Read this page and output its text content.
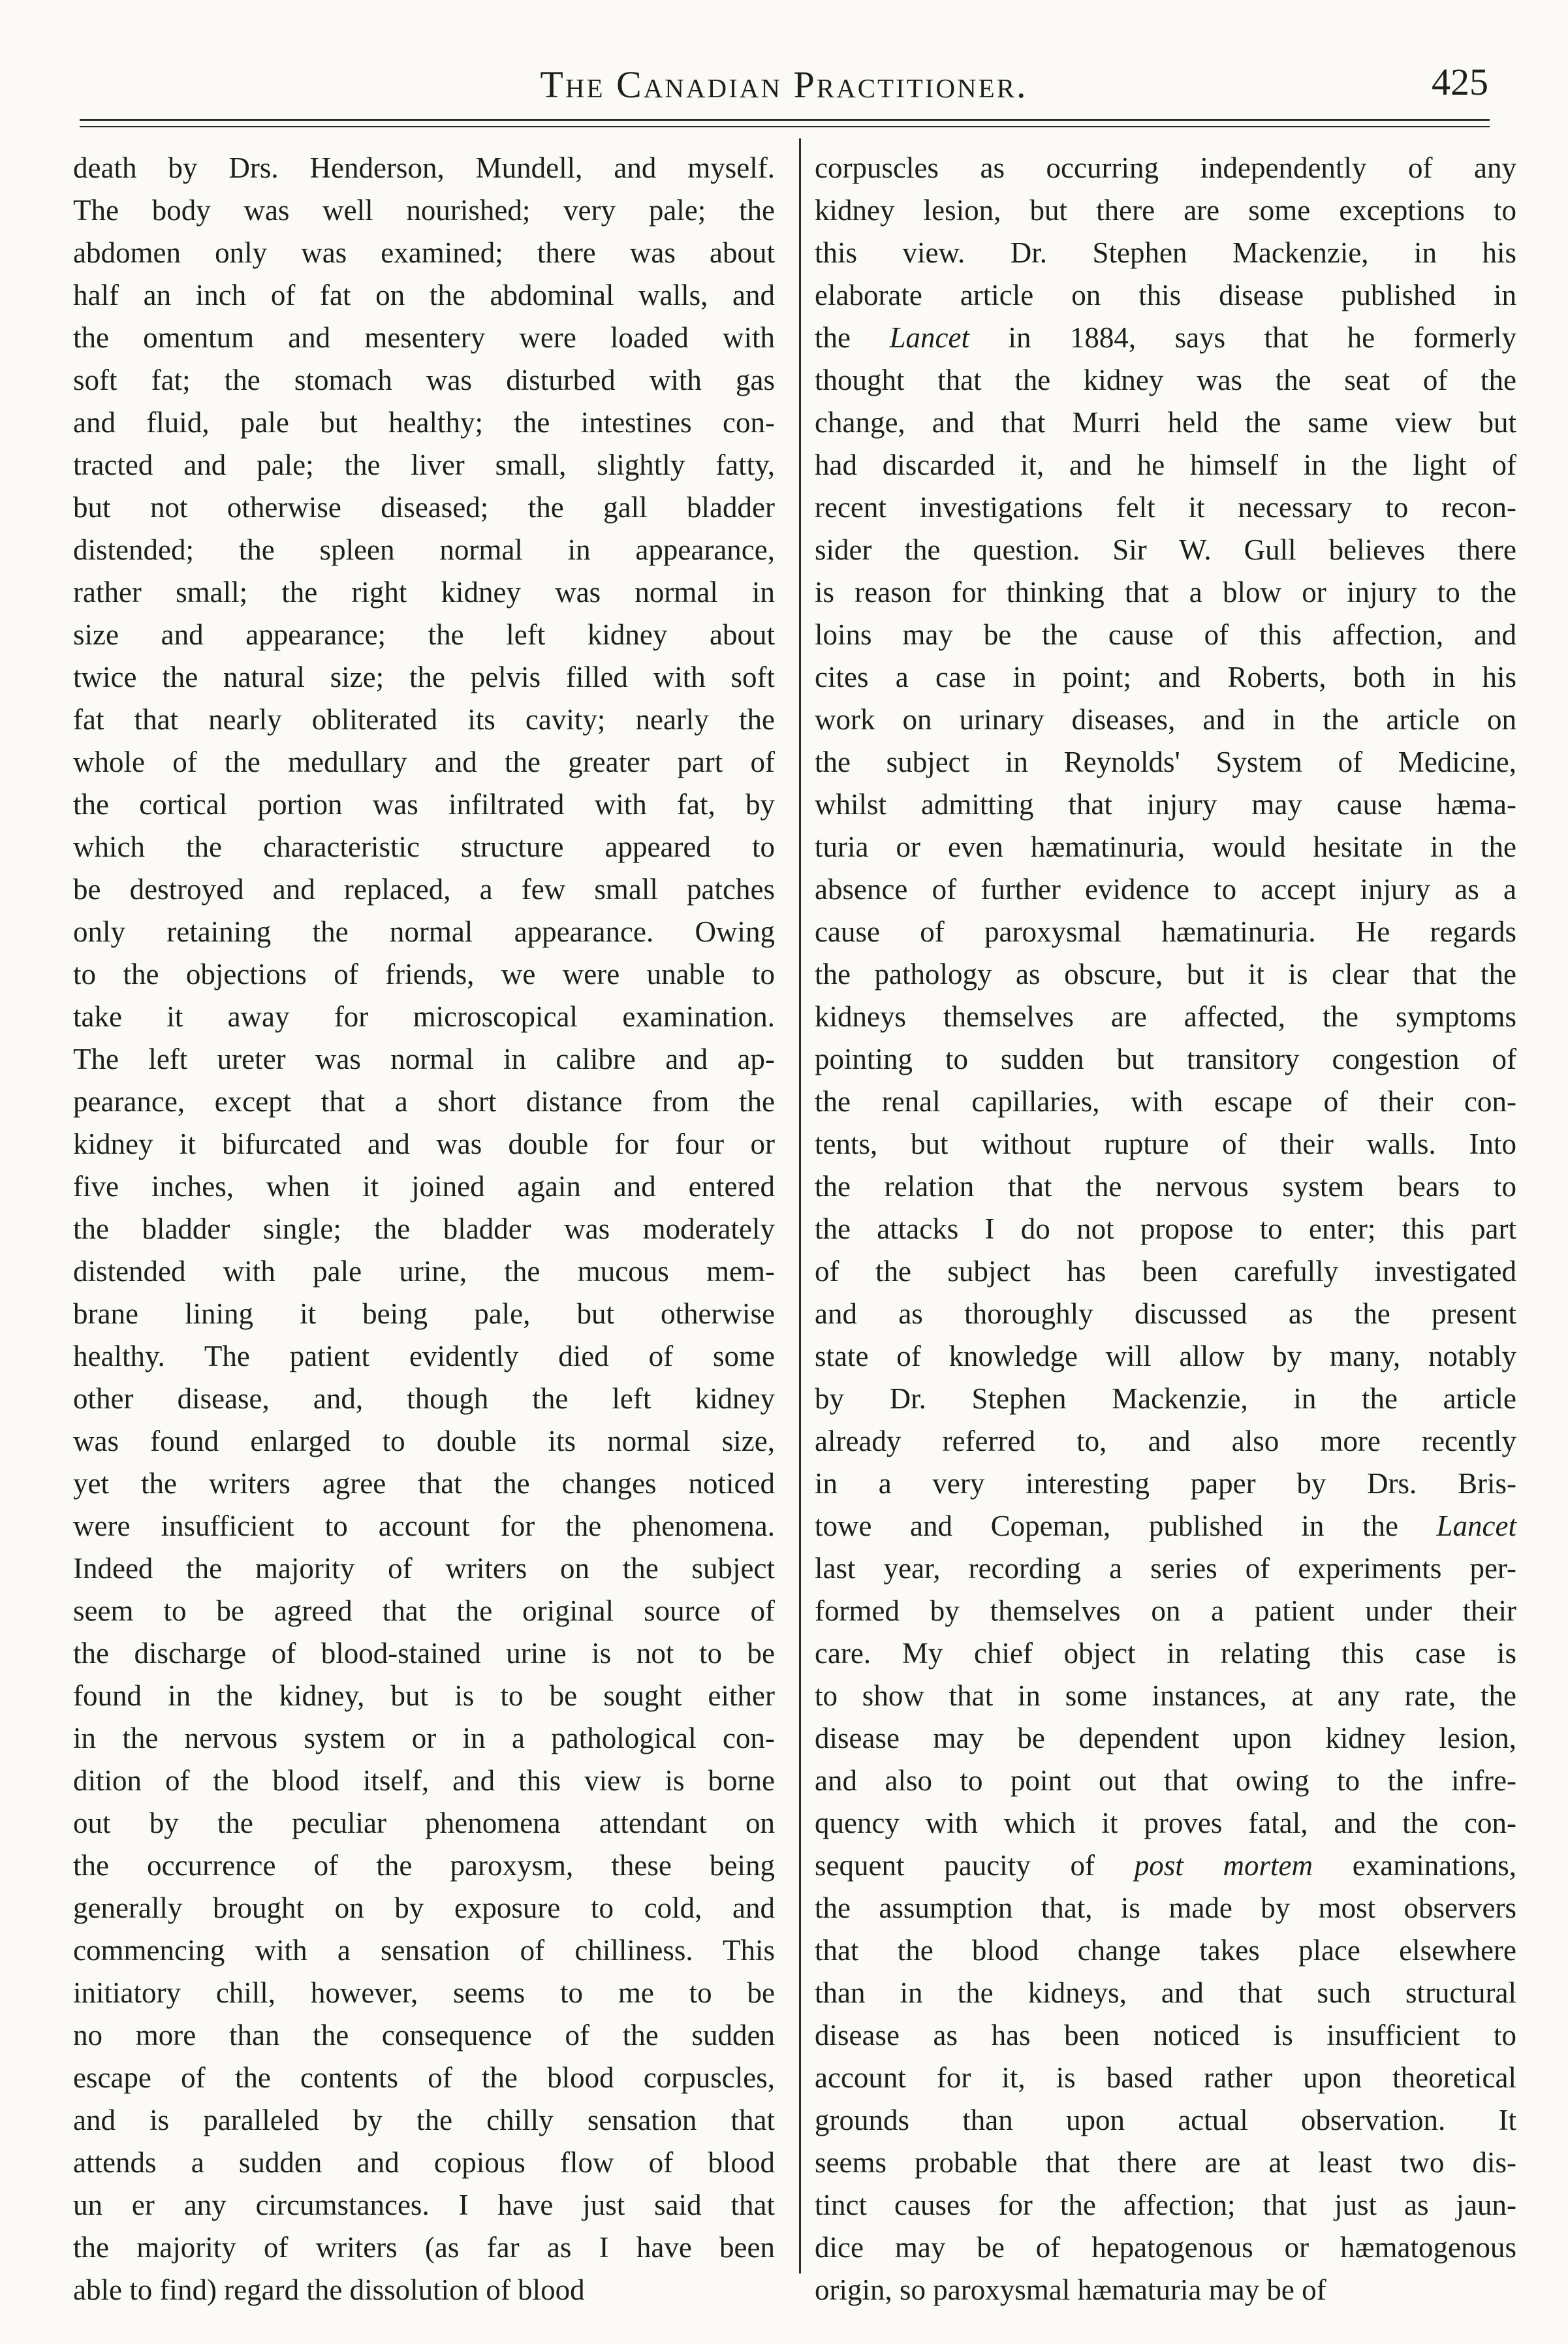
The Canadian Practitioner.	425
death by Drs. Henderson, Mundell, and myself.
The body was well nourished; very pale; the
abdomen only was examined; there was about
half an inch of fat on the abdominal walls, and
the omentum and mesentery were loaded with
soft fat; the stomach was disturbed with gas
and fluid, pale but healthy; the intestines con-
tracted and pale; the liver small, slightly fatty,
but not otherwise diseased; the gall bladder
distended; the spleen normal in appearance,
rather small; the right kidney was normal in
size and appearance; the left kidney about
twice the natural size; the pelvis filled with soft
fat that nearly obliterated its cavity; nearly the
whole of the medullary and the greater part of
the cortical portion was infiltrated with fat, by
which the characteristic structure appeared to
be destroyed and replaced, a few small patches
only retaining the normal appearance. Owing
to the objections of friends, we were unable to
take it away for microscopical examination.
The left ureter was normal in calibre and ap-
pearance, except that a short distance from the
kidney it bifurcated and was double for four or
five inches, when it joined again and entered
the bladder single; the bladder was moderately
distended with pale urine, the mucous mem-
brane lining it being pale, but otherwise
healthy. The patient evidently died of some
other disease, and, though the left kidney
was found enlarged to double its normal size,
yet the writers agree that the changes noticed
were insufficient to account for the phenomena.
Indeed the majority of writers on the subject
seem to be agreed that the original source of
the discharge of blood-stained urine is not to be
found in the kidney, but is to be sought either
in the nervous system or in a pathological con-
dition of the blood itself, and this view is borne
out by the peculiar phenomena attendant on
the occurrence of the paroxysm, these being
generally brought on by exposure to cold, and
commencing with a sensation of chilliness. This
initiatory chill, however, seems to me to be
no more than the consequence of the sudden
escape of the contents of the blood corpuscles,
and is paralleled by the chilly sensation that
attends a sudden and copious flow of blood
un er any circumstances. I have just said that
the majority of writers (as far as I have been
able to find) regard the dissolution of blood
corpuscles as occurring independently of any
kidney lesion, but there are some exceptions to
this view. Dr. Stephen Mackenzie, in his
elaborate article on this disease published in
the Lancet in 1884, says that he formerly
thought that the kidney was the seat of the
change, and that Murri held the same view but
had discarded it, and he himself in the light of
recent investigations felt it necessary to recon-
sider the question. Sir W. Gull believes there
is reason for thinking that a blow or injury to the
loins may be the cause of this affection, and
cites a case in point; and Roberts, both in his
work on urinary diseases, and in the article on
the subject in Reynolds' System of Medicine,
whilst admitting that injury may cause hæma-
turia or even hæmatinuria, would hesitate in the
absence of further evidence to accept injury as a
cause of paroxysmal hæmatinuria. He regards
the pathology as obscure, but it is clear that the
kidneys themselves are affected, the symptoms
pointing to sudden but transitory congestion of
the renal capillaries, with escape of their con-
tents, but without rupture of their walls. Into
the relation that the nervous system bears to
the attacks I do not propose to enter; this part
of the subject has been carefully investigated
and as thoroughly discussed as the present
state of knowledge will allow by many, notably
by Dr. Stephen Mackenzie, in the article
already referred to, and also more recently
in a very interesting paper by Drs. Bris-
towe and Copeman, published in the Lancet
last year, recording a series of experiments per-
formed by themselves on a patient under their
care. My chief object in relating this case is
to show that in some instances, at any rate, the
disease may be dependent upon kidney lesion,
and also to point out that owing to the infre-
quency with which it proves fatal, and the con-
sequent paucity of post mortem examinations,
the assumption that, is made by most observers
that the blood change takes place elsewhere
than in the kidneys, and that such structural
disease as has been noticed is insufficient to
account for it, is based rather upon theoretical
grounds than upon actual observation. It
seems probable that there are at least two dis-
tinct causes for the affection; that just as jaun-
dice may be of hepatogenous or hæmatogenous
origin, so paroxysmal hæmaturia may be of
